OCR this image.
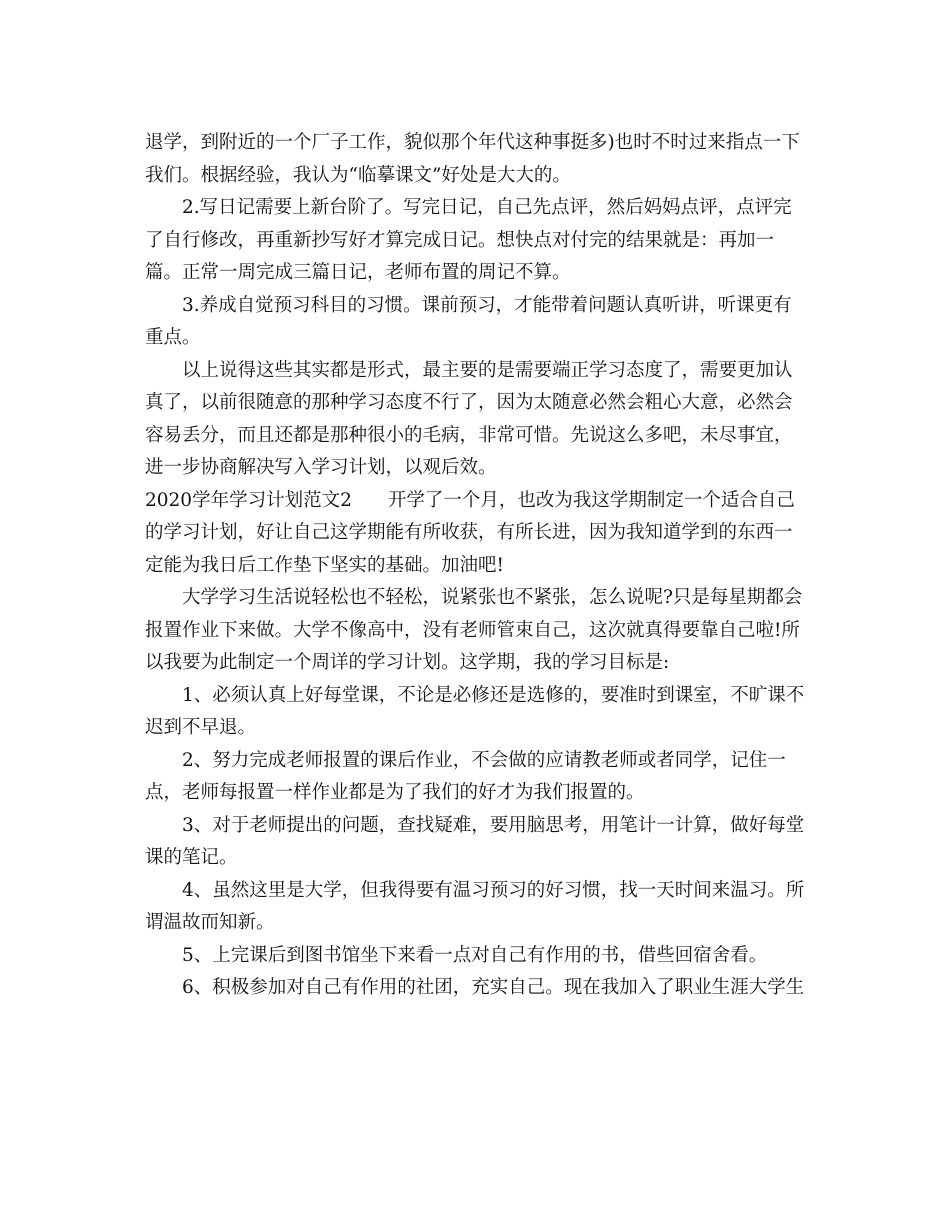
退学，到附近的一个厂子工作，貌似那个年代这种事挺多)也时不时过来指点一下
我们。根据经验，我认为“临摹课文”好处是大大的。
2.写日记需要上新台阶了。写完日记，自己先点评，然后妈妈点评，点评完
了自行修改，再重新抄写好才算完成日记。想快点对付完的结果就是：再加一
篇。正常一周完成三篇日记，老师布置的周记不算。
3.养成自觉预习科目的习惯。课前预习，才能带着问题认真听讲，听课更有
重点。
以上说得这些其实都是形式，最主要的是需要端正学习态度了，需要更加认
真了，以前很随意的那种学习态度不行了，因为太随意必然会粗心大意，必然会
容易丢分，而且还都是那种很小的毛病，非常可惜。先说这么多吧，未尽事宜，
进一步协商解决写入学习计划，以观后效。
2020学年学习计划范文2 开学了一个月，也改为我这学期制定一个适合自己
的学习计划，好让自己这学期能有所收获，有所长进，因为我知道学到的东西一
定能为我日后工作垫下坚实的基础。加油吧!
大学学习生活说轻松也不轻松，说紧张也不紧张，怎么说呢?只是每星期都会
报置作业下来做。大学不像高中，没有老师管束自己，这次就真得要靠自己啦!所
以我要为此制定一个周详的学习计划。这学期，我的学习目标是:
1、必须认真上好每堂课，不论是必修还是选修的，要准时到课室，不旷课不
迟到不早退。
2、努力完成老师报置的课后作业，不会做的应请教老师或者同学，记住一
点，老师每报置一样作业都是为了我们的好才为我们报置的。
3、对于老师提出的问题，查找疑难，要用脑思考，用笔计一计算，做好每堂
课的笔记。
4、虽然这里是大学，但我得要有温习预习的好习惯，找一天时间来温习。所
谓温故而知新。
5、上完课后到图书馆坐下来看一点对自己有作用的书，借些回宿舍看。
6、积极参加对自己有作用的社团，充实自己。现在我加入了职业生涯大学生
